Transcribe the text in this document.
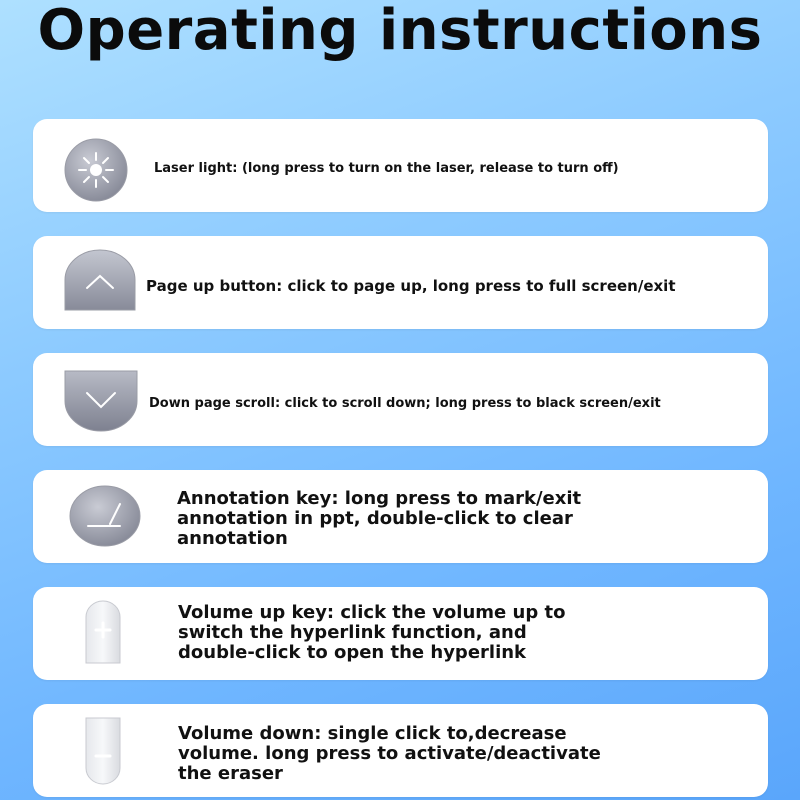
Operating instructions
Laser light: (long press to turn on the laser, release to turn off)
Page up button: click to page up, long press to full screen/exit
Down page scroll: click to scroll down; long press to black screen/exit
Annotation key: long press to mark/exit
annotation in ppt, double-click to clear
annotation
Volume up key: click the volume up to
switch the hyperlink function, and
double-click to open the hyperlink
Volume down: single click to,decrease
volume. long press to activate/deactivate
the eraser
